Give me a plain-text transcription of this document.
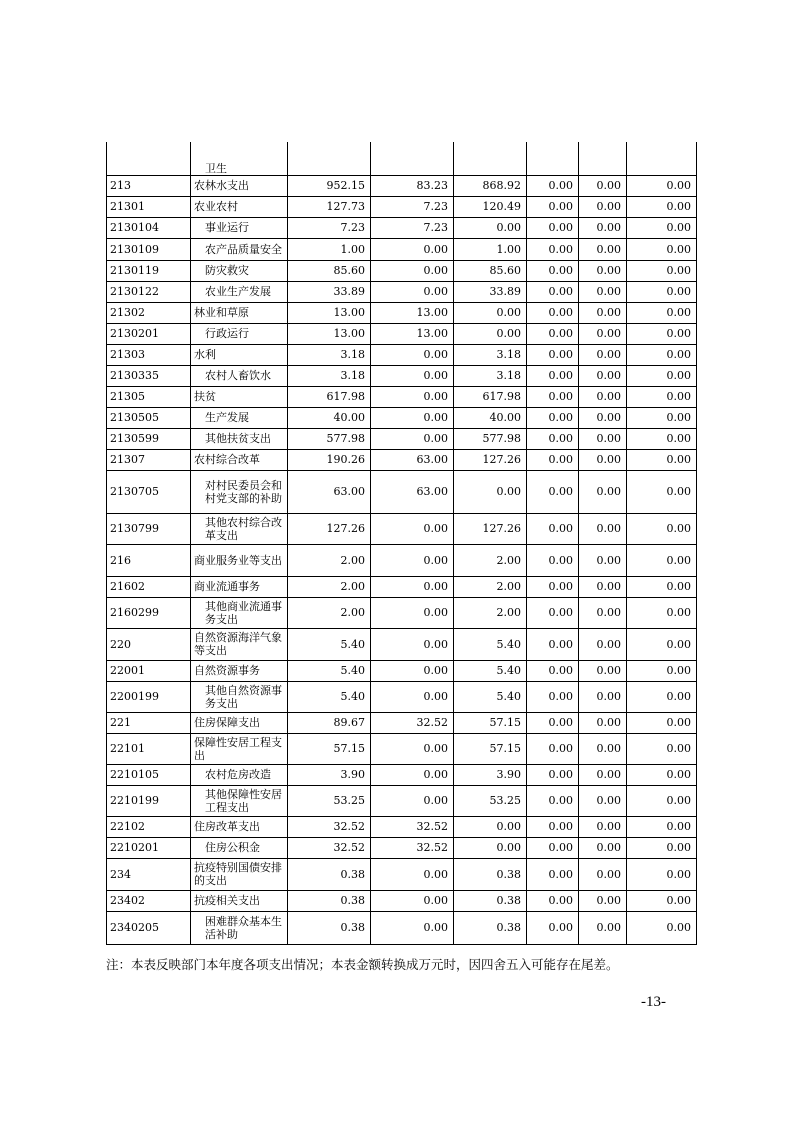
	卫生						
213	农林水支出	952.15	83.23	868.92	0.00	0.00	0.00
21301	农业农村	127.73	7.23	120.49	0.00	0.00	0.00
2130104	事业运行	7.23	7.23	0.00	0.00	0.00	0.00
2130109	农产品质量安全	1.00	0.00	1.00	0.00	0.00	0.00
2130119	防灾救灾	85.60	0.00	85.60	0.00	0.00	0.00
2130122	农业生产发展	33.89	0.00	33.89	0.00	0.00	0.00
21302	林业和草原	13.00	13.00	0.00	0.00	0.00	0.00
2130201	行政运行	13.00	13.00	0.00	0.00	0.00	0.00
21303	水利	3.18	0.00	3.18	0.00	0.00	0.00
2130335	农村人畜饮水	3.18	0.00	3.18	0.00	0.00	0.00
21305	扶贫	617.98	0.00	617.98	0.00	0.00	0.00
2130505	生产发展	40.00	0.00	40.00	0.00	0.00	0.00
2130599	其他扶贫支出	577.98	0.00	577.98	0.00	0.00	0.00
21307	农村综合改革	190.26	63.00	127.26	0.00	0.00	0.00
2130705	对村民委员会和村党支部的补助	63.00	63.00	0.00	0.00	0.00	0.00
2130799	其他农村综合改革支出	127.26	0.00	127.26	0.00	0.00	0.00
216	商业服务业等支出	2.00	0.00	2.00	0.00	0.00	0.00
21602	商业流通事务	2.00	0.00	2.00	0.00	0.00	0.00
2160299	其他商业流通事务支出	2.00	0.00	2.00	0.00	0.00	0.00
220	自然资源海洋气象等支出	5.40	0.00	5.40	0.00	0.00	0.00
22001	自然资源事务	5.40	0.00	5.40	0.00	0.00	0.00
2200199	其他自然资源事务支出	5.40	0.00	5.40	0.00	0.00	0.00
221	住房保障支出	89.67	32.52	57.15	0.00	0.00	0.00
22101	保障性安居工程支出	57.15	0.00	57.15	0.00	0.00	0.00
2210105	农村危房改造	3.90	0.00	3.90	0.00	0.00	0.00
2210199	其他保障性安居工程支出	53.25	0.00	53.25	0.00	0.00	0.00
22102	住房改革支出	32.52	32.52	0.00	0.00	0.00	0.00
2210201	住房公积金	32.52	32.52	0.00	0.00	0.00	0.00
234	抗疫特别国债安排的支出	0.38	0.00	0.38	0.00	0.00	0.00
23402	抗疫相关支出	0.38	0.00	0.38	0.00	0.00	0.00
2340205	困难群众基本生活补助	0.38	0.00	0.38	0.00	0.00	0.00
注：本表反映部门本年度各项支出情况；本表金额转换成万元时，因四舍五入可能存在尾差。
-13-
